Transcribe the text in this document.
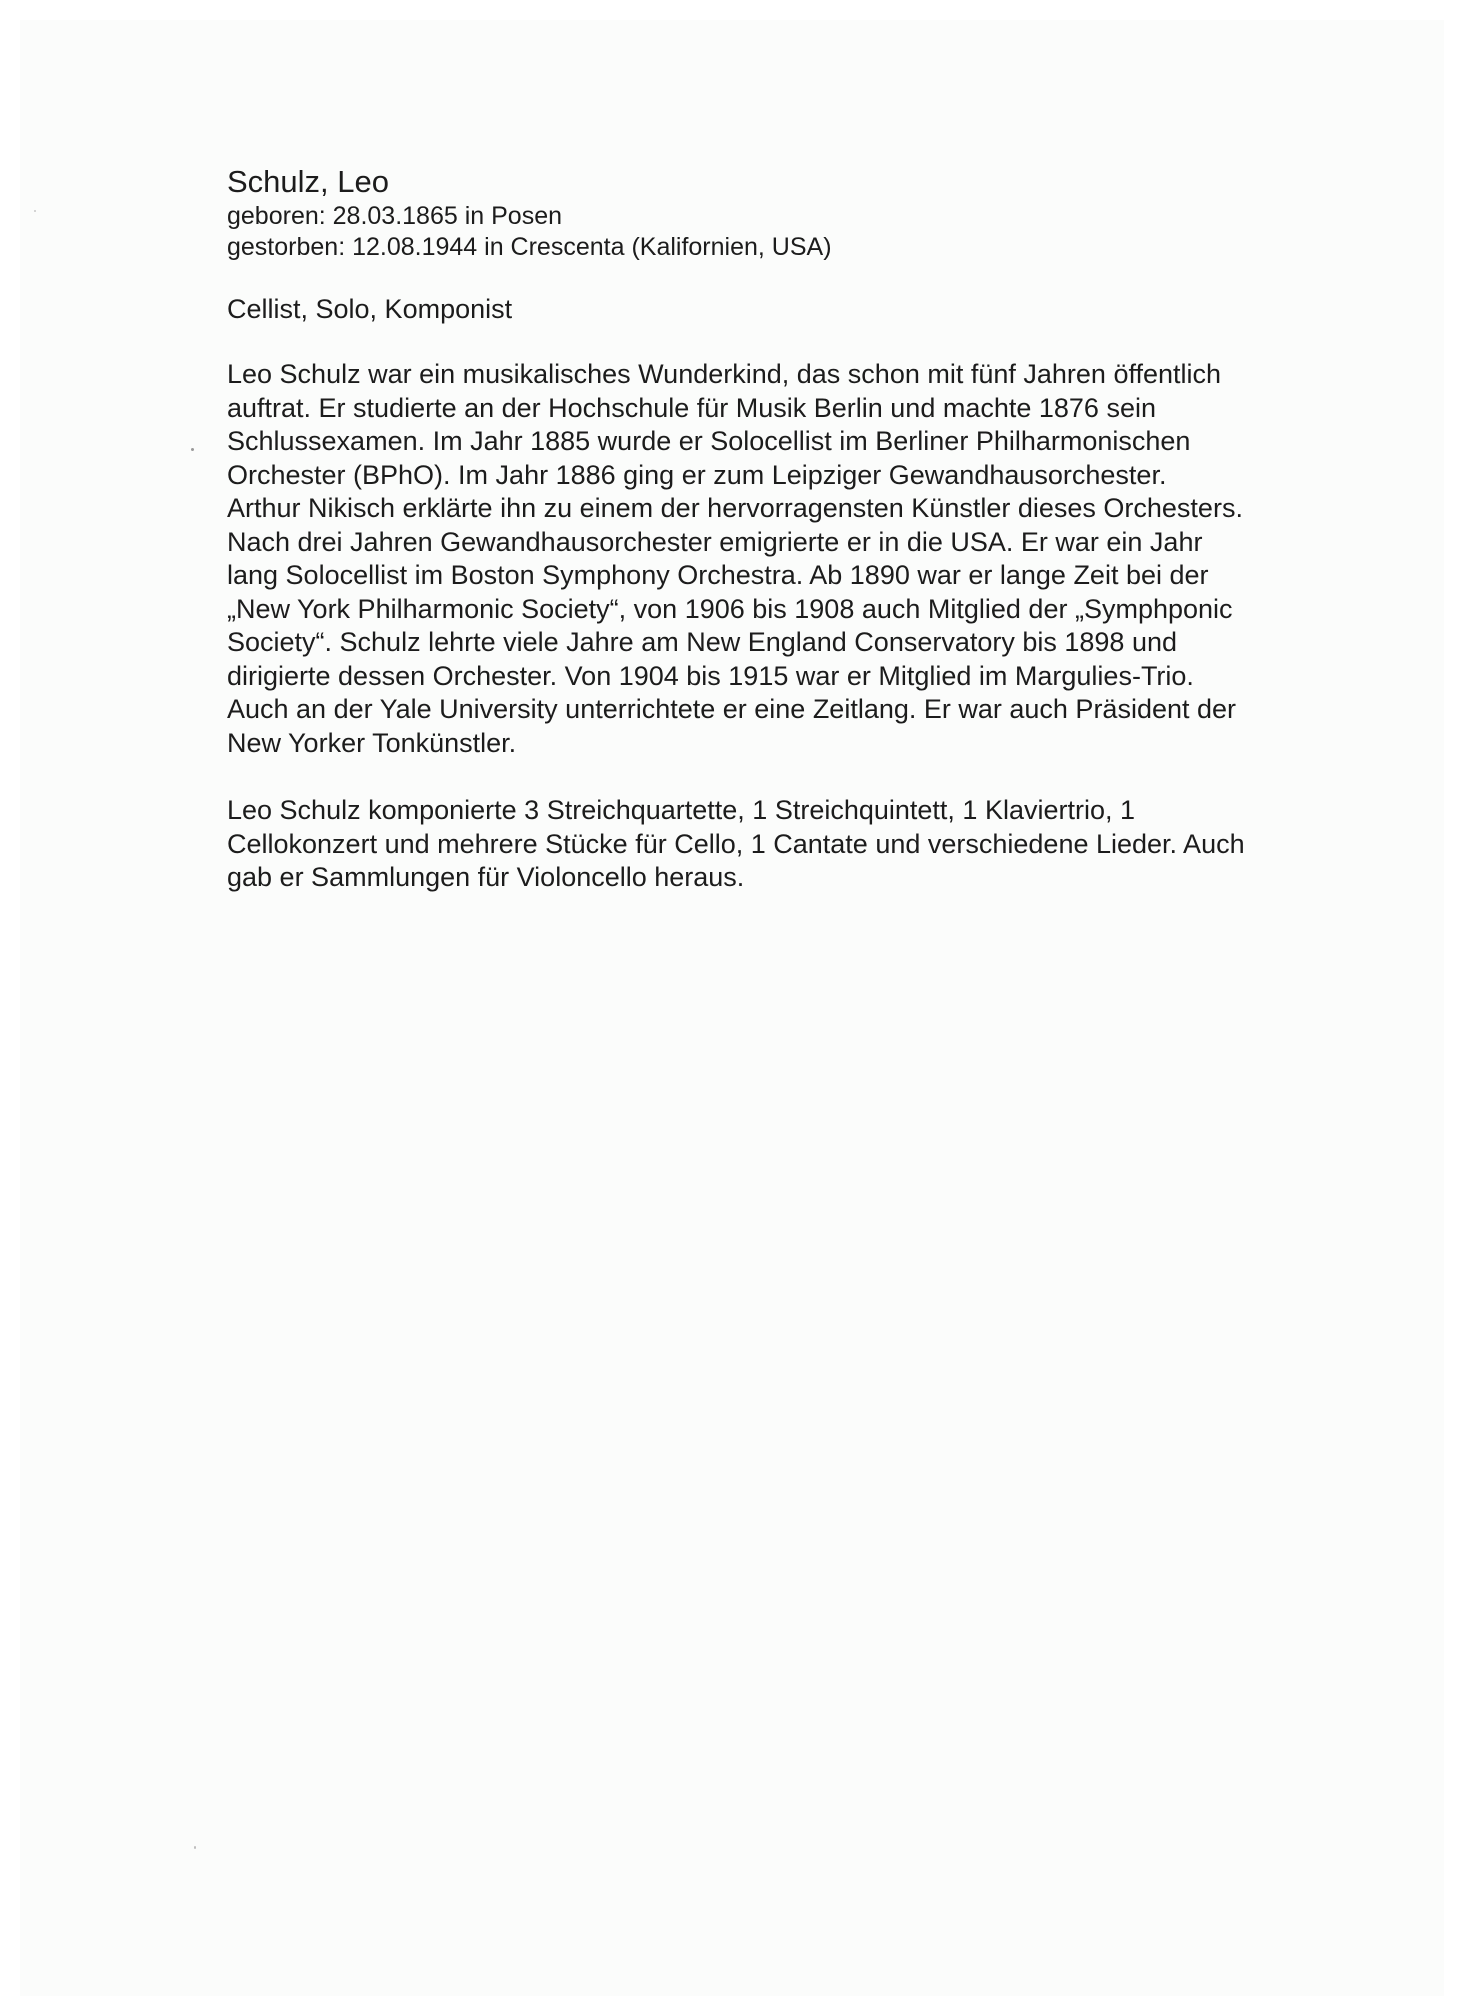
Schulz, Leo
geboren: 28.03.1865 in Posen
gestorben: 12.08.1944 in Crescenta (Kalifornien, USA)
Cellist, Solo, Komponist
Leo Schulz war ein musikalisches Wunderkind, das schon mit fünf Jahren öffentlich
auftrat. Er studierte an der Hochschule für Musik Berlin und machte 1876 sein
Schlussexamen. Im Jahr 1885 wurde er Solocellist im Berliner Philharmonischen
Orchester (BPhO). Im Jahr 1886 ging er zum Leipziger Gewandhausorchester.
Arthur Nikisch erklärte ihn zu einem der hervorragensten Künstler dieses Orchesters.
Nach drei Jahren Gewandhausorchester emigrierte er in die USA. Er war ein Jahr
lang Solocellist im Boston Symphony Orchestra. Ab 1890 war er lange Zeit bei der
„New York Philharmonic Society“, von 1906 bis 1908 auch Mitglied der „Symphponic
Society“. Schulz lehrte viele Jahre am New England Conservatory bis 1898 und
dirigierte dessen Orchester. Von 1904 bis 1915 war er Mitglied im Margulies-Trio.
Auch an der Yale University unterrichtete er eine Zeitlang. Er war auch Präsident der
New Yorker Tonkünstler.
Leo Schulz komponierte 3 Streichquartette, 1 Streichquintett, 1 Klaviertrio, 1
Cellokonzert und mehrere Stücke für Cello, 1 Cantate und verschiedene Lieder. Auch
gab er Sammlungen für Violoncello heraus.
